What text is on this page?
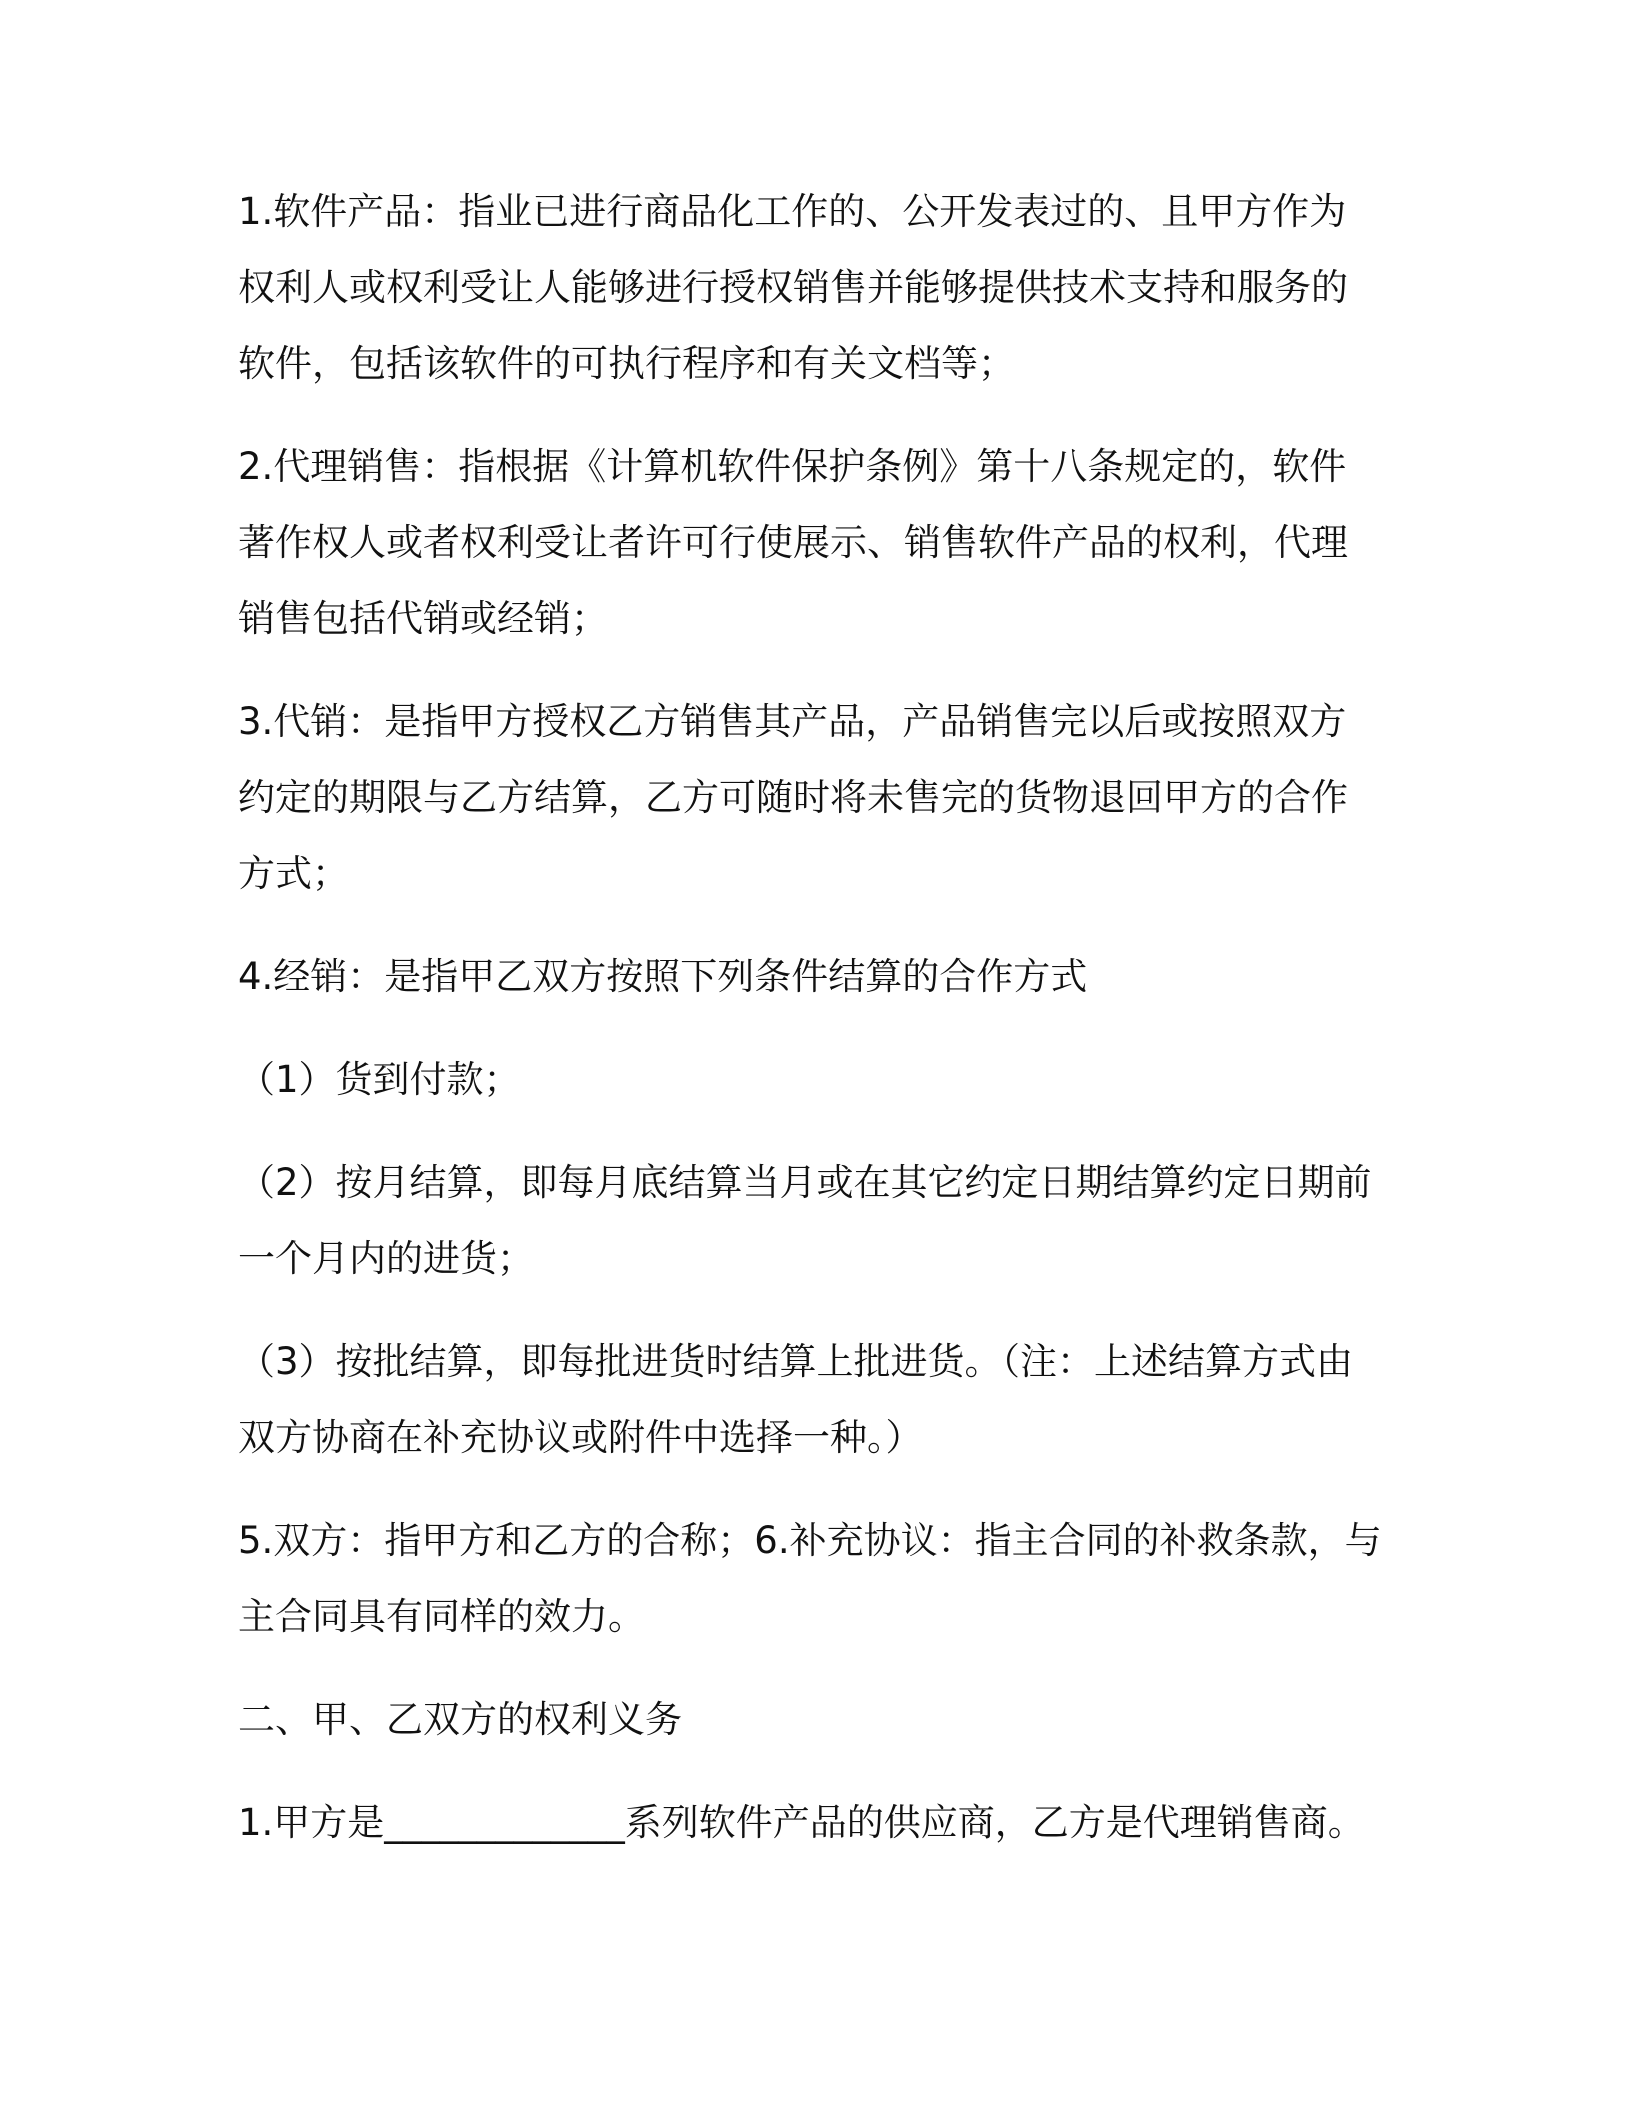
1.软件产品：指业已进行商品化工作的、公开发表过的、且甲方作为
权利人或权利受让人能够进行授权销售并能够提供技术支持和服务的
软件，包括该软件的可执行程序和有关文档等；
2.代理销售：指根据《计算机软件保护条例》第十八条规定的，软件
著作权人或者权利受让者许可行使展示、销售软件产品的权利，代理
销售包括代销或经销；
3.代销：是指甲方授权乙方销售其产品，产品销售完以后或按照双方
约定的期限与乙方结算，乙方可随时将未售完的货物退回甲方的合作
方式；
4.经销：是指甲乙双方按照下列条件结算的合作方式
（1）货到付款；
（2）按月结算，即每月底结算当月或在其它约定日期结算约定日期前
一个月内的进货；
（3）按批结算，即每批进货时结算上批进货。（注：上述结算方式由
双方协商在补充协议或附件中选择一种。）
5.双方：指甲方和乙方的合称；6.补充协议：指主合同的补救条款，与
主合同具有同样的效力。
二、甲、乙双方的权利义务
1.甲方是_____________系列软件产品的供应商，乙方是代理销售商。
